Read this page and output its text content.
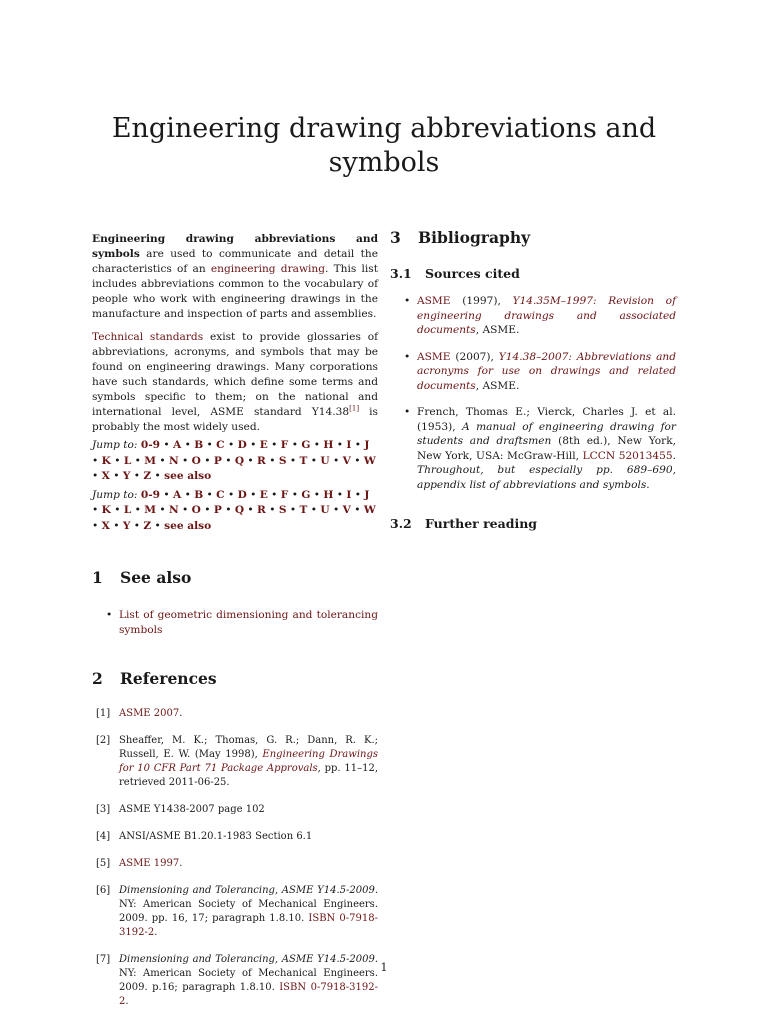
Engineering drawing abbreviations and symbols

Engineering drawing abbreviations and symbols are used to communicate and detail the characteristics of an engineering drawing. This list includes abbreviations common to the vocabulary of people who work with engineering drawings in the manufacture and inspection of parts and assemblies.

Technical standards exist to provide glossaries of abbreviations, acronyms, and symbols that may be found on engineering drawings. Many corporations have such standards, which define some terms and symbols specific to them; on the national and international level, ASME standard Y14.38[1] is probably the most widely used.

Jump to: 0-9 • A • B • C • D • E • F • G • H • I • J • K • L • M • N • O • P • Q • R • S • T • U • V • W • X • Y • Z • see also
Jump to: 0-9 • A • B • C • D • E • F • G • H • I • J • K • L • M • N • O • P • Q • R • S • T • U • V • W • X • Y • Z • see also
1 See also
• List of geometric dimensioning and tolerancing symbols
2 References
[1] ASME 2007.
[2] Sheaffer, M. K.; Thomas, G. R.; Dann, R. K.; Russell, E. W. (May 1998), Engineering Drawings for 10 CFR Part 71 Package Approvals, pp. 11–12, retrieved 2011-06-25.
[3] ASME Y1438-2007 page 102
[4] ANSI/ASME B1.20.1-1983 Section 6.1
[5] ASME 1997.
[6] Dimensioning and Tolerancing, ASME Y14.5-2009. NY: American Society of Mechanical Engineers. 2009. pp. 16, 17; paragraph 1.8.10. ISBN 0-7918-3192-2.
[7] Dimensioning and Tolerancing, ASME Y14.5-2009. NY: American Society of Mechanical Engineers. 2009. p.16; paragraph 1.8.10. ISBN 0-7918-3192-2.
3 Bibliography
3.1 Sources cited
• ASME (1997), Y14.35M–1997: Revision of engineering drawings and associated documents, ASME.
• ASME (2007), Y14.38–2007: Abbreviations and acronyms for use on drawings and related documents, ASME.
• French, Thomas E.; Vierck, Charles J. et al. (1953), A manual of engineering drawing for students and draftsmen (8th ed.), New York, New York, USA: McGraw-Hill, LCCN 52013455. Throughout, but especially pp. 689–690, appendix list of abbreviations and symbols.
3.2 Further reading
1
